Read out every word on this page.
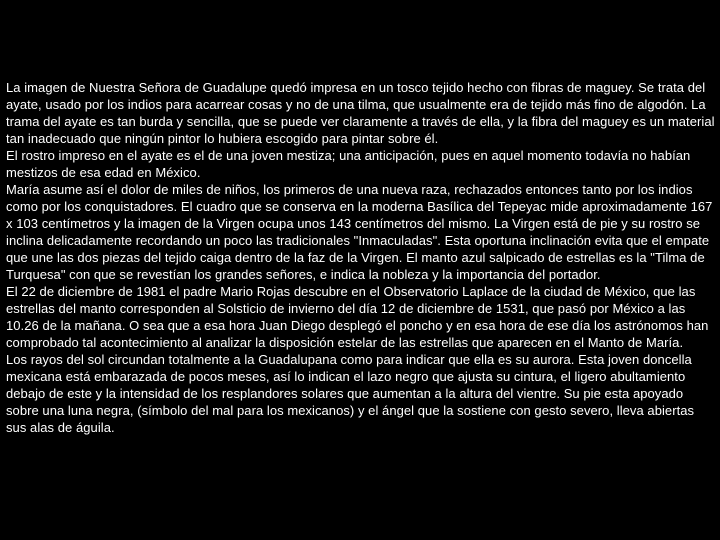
La imagen de Nuestra Señora de Guadalupe quedó impresa en un tosco tejido hecho con fibras de maguey. Se trata del ayate, usado por los indios para acarrear cosas y no de una tilma, que usualmente era de tejido más fino de algodón. La trama del ayate es tan burda y sencilla, que se puede ver claramente a través de ella, y la fibra del maguey es un material tan inadecuado que ningún pintor lo hubiera escogido para pintar sobre él.

El rostro impreso en el ayate es el de una joven mestiza; una anticipación, pues en aquel momento todavía no habían mestizos de esa edad en México.

María asume así el dolor de miles de niños, los primeros de una nueva raza, rechazados entonces tanto por los indios como por los conquistadores. El cuadro que se conserva en la moderna Basílica del Tepeyac mide aproximadamente 167 x 103 centímetros y la imagen de la Virgen ocupa unos 143 centímetros del mismo. La Virgen está de pie y su rostro se inclina delicadamente recordando un poco las tradicionales "Inmaculadas". Esta oportuna inclinación evita que el empate que une las dos piezas del tejido caiga dentro de la faz de la Virgen. El manto azul salpicado de estrellas es la "Tilma de Turquesa" con que se revestían los grandes señores, e indica la nobleza y la importancia del portador.

El 22 de diciembre de 1981 el padre Mario Rojas descubre en el Observatorio Laplace de la ciudad de México, que las estrellas del manto corresponden al Solsticio de invierno del día 12 de diciembre de 1531, que pasó por México a las 10.26 de la mañana. O sea que a esa hora Juan Diego desplegó el poncho y en esa hora de ese día los astrónomos han comprobado tal acontecimiento al analizar la disposición estelar de las estrellas que aparecen en el Manto de María.

Los rayos del sol circundan totalmente a la Guadalupana como para indicar que ella es su aurora. Esta joven doncella mexicana está embarazada de pocos meses, así lo indican el lazo negro que ajusta su cintura, el ligero abultamiento debajo de este y la intensidad de los resplandores solares que aumentan a la altura del vientre. Su pie esta apoyado sobre una luna negra, (símbolo del mal para los mexicanos) y el ángel que la sostiene con gesto severo, lleva abiertas sus alas de águila.
